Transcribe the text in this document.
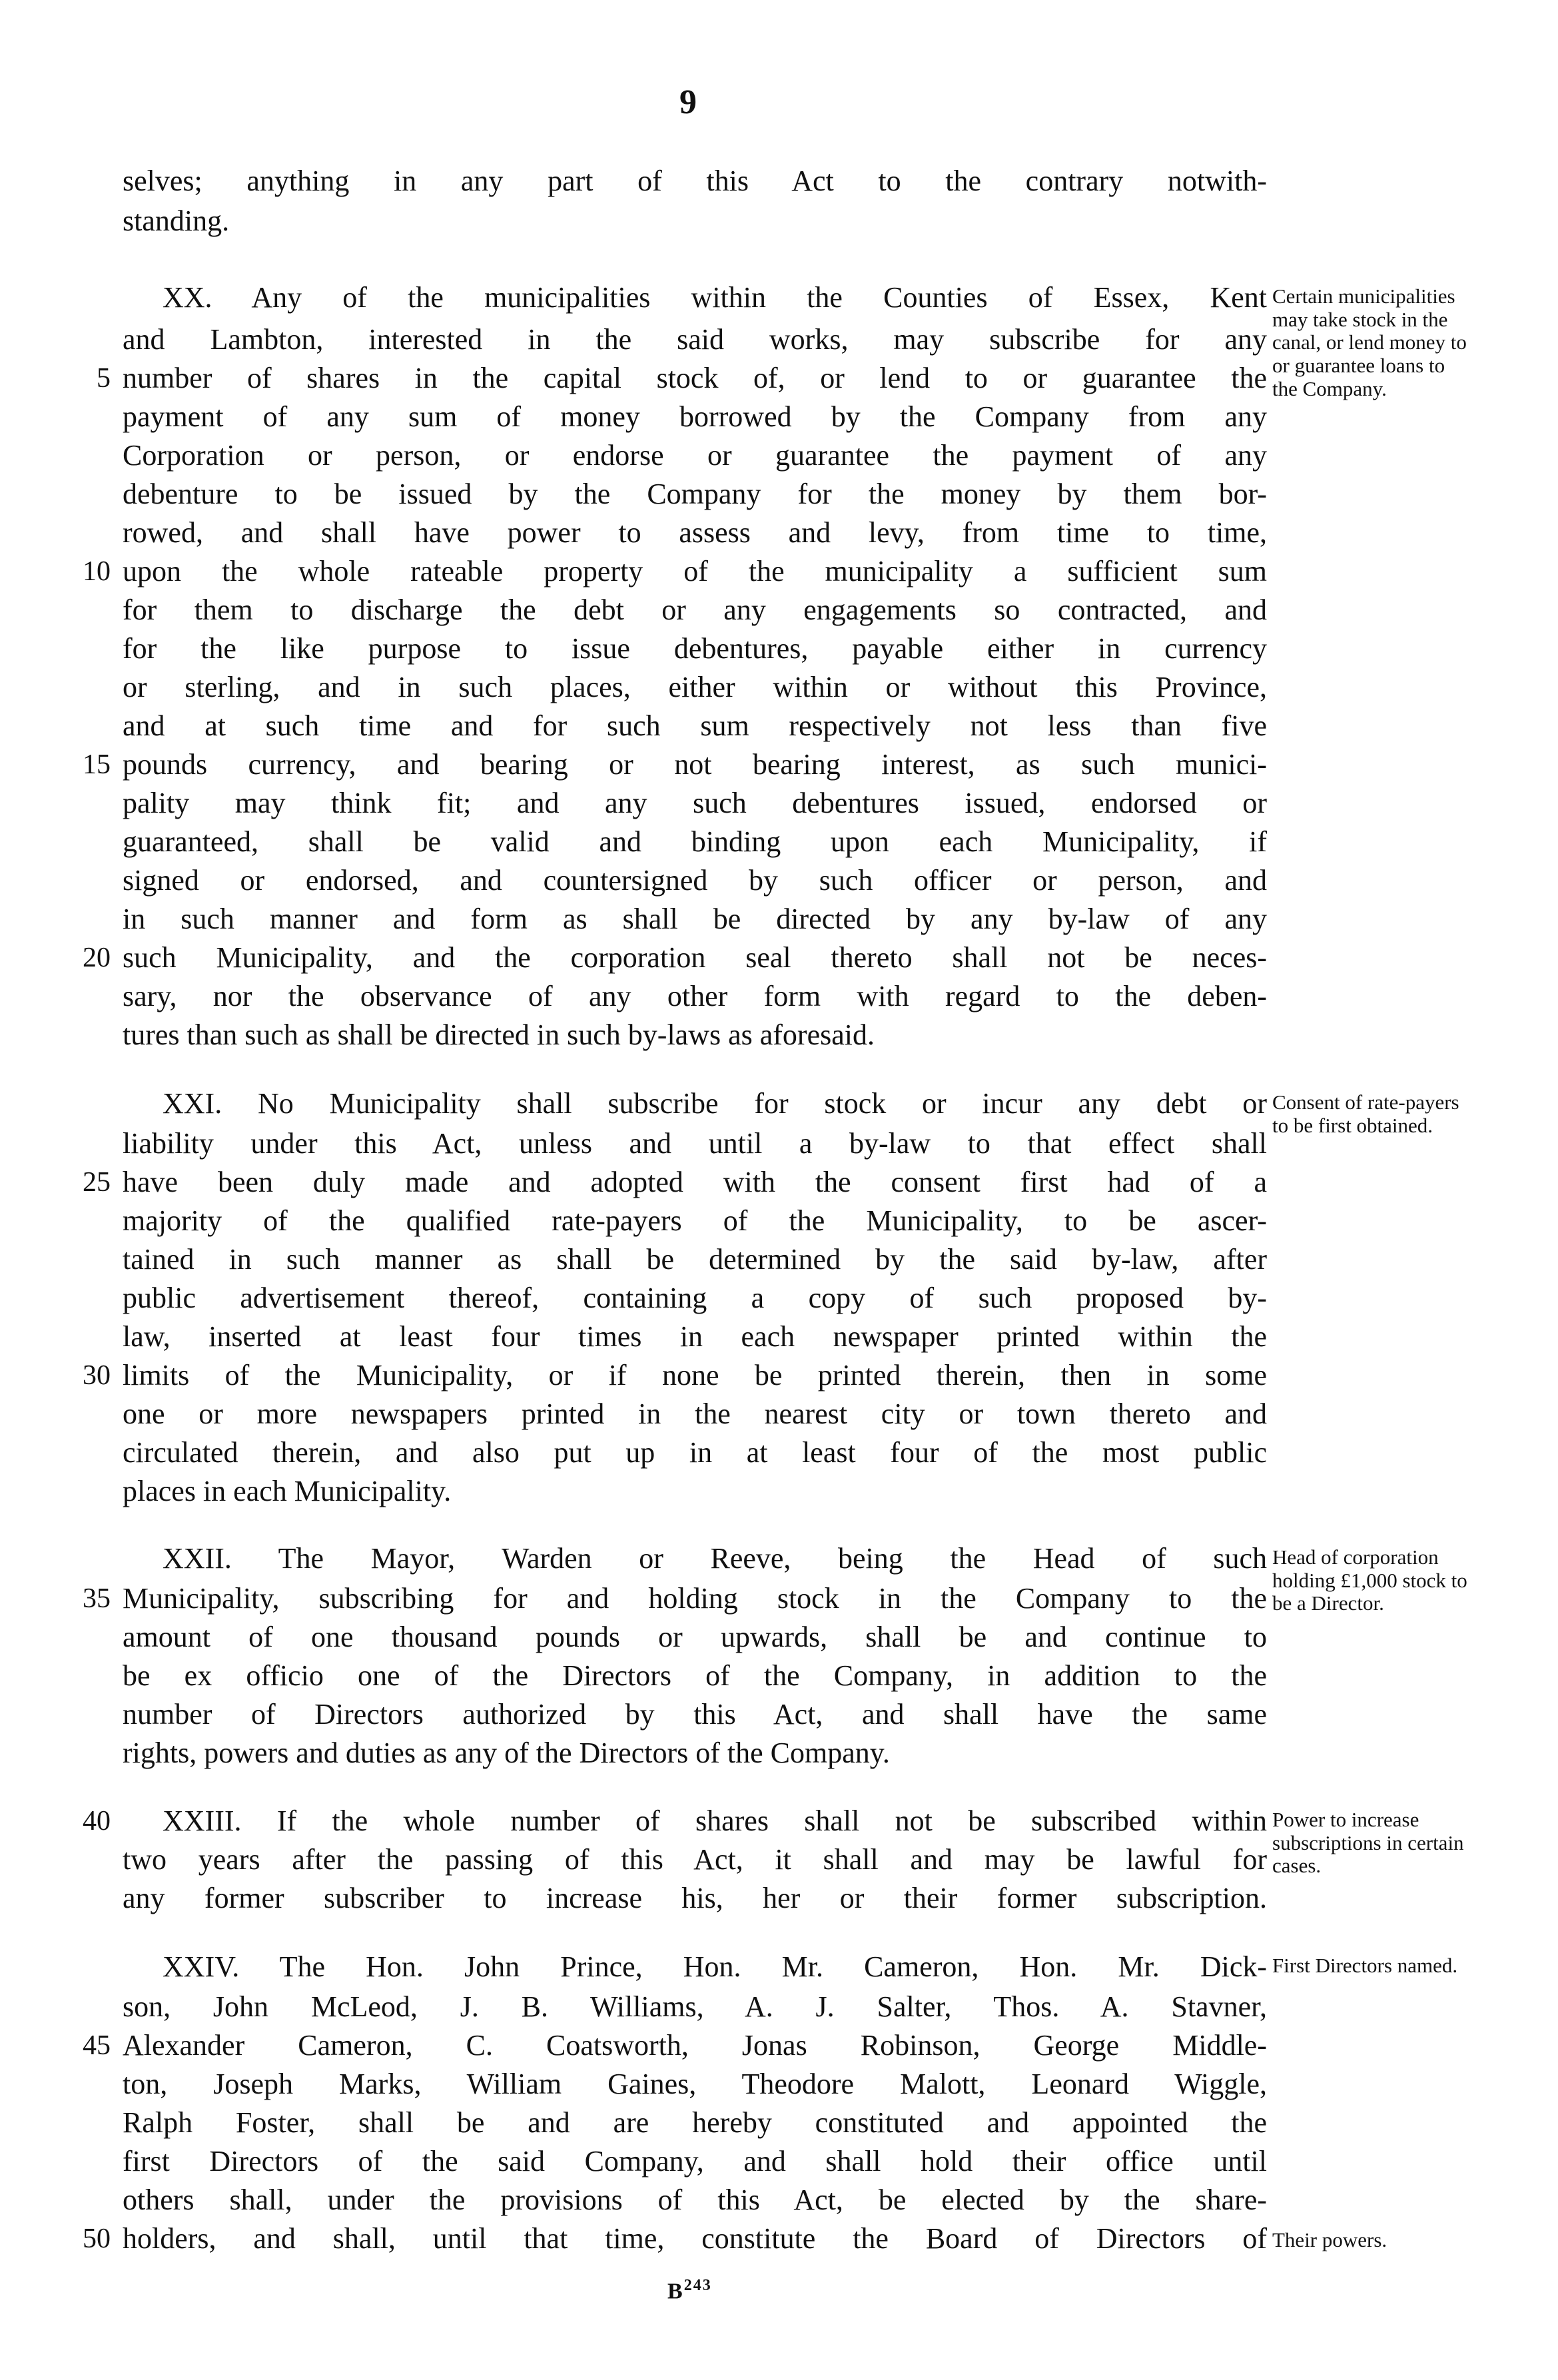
9
selves; anything in any part of this Act to the contrary notwith-
standing.
XX. Any of the municipalities within the Counties of Essex, Kent
and Lambton, interested in the said works, may subscribe for any
number of shares in the capital stock of, or lend to or guarantee the
payment of any sum of money borrowed by the Company from any
Corporation or person, or endorse or guarantee the payment of any
debenture to be issued by the Company for the money by them bor-
rowed, and shall have power to assess and levy, from time to time,
upon the whole rateable property of the municipality a sufficient sum
for them to discharge the debt or any engagements so contracted, and
for the like purpose to issue debentures, payable either in currency
or sterling, and in such places, either within or without this Province,
and at such time and for such sum respectively not less than five
pounds currency, and bearing or not bearing interest, as such munici-
pality may think fit; and any such debentures issued, endorsed or
guaranteed, shall be valid and binding upon each Municipality, if
signed or endorsed, and countersigned by such officer or person, and
in such manner and form as shall be directed by any by-law of any
such Municipality, and the corporation seal thereto shall not be neces-
sary, nor the observance of any other form with regard to the deben-
tures than such as shall be directed in such by-laws as aforesaid.
Certain municipalities may take stock in the canal, or lend money to or guarantee loans to the Company.
XXI. No Municipality shall subscribe for stock or incur any debt or
liability under this Act, unless and until a by-law to that effect shall
have been duly made and adopted with the consent first had of a
majority of the qualified rate-payers of the Municipality, to be ascer-
tained in such manner as shall be determined by the said by-law, after
public advertisement thereof, containing a copy of such proposed by-
law, inserted at least four times in each newspaper printed within the
limits of the Municipality, or if none be printed therein, then in some
one or more newspapers printed in the nearest city or town thereto and
circulated therein, and also put up in at least four of the most public
places in each Municipality.
Consent of rate-payers to be first obtained.
XXII. The Mayor, Warden or Reeve, being the Head of such
Municipality, subscribing for and holding stock in the Company to the
amount of one thousand pounds or upwards, shall be and continue to
be ex officio one of the Directors of the Company, in addition to the
number of Directors authorized by this Act, and shall have the same
rights, powers and duties as any of the Directors of the Company.
Head of corporation holding £1,000 stock to be a Director.
XXIII. If the whole number of shares shall not be subscribed within
two years after the passing of this Act, it shall and may be lawful for
any former subscriber to increase his, her or their former subscription.
Power to increase subscriptions in certain cases.
XXIV. The Hon. John Prince, Hon. Mr. Cameron, Hon. Mr. Dick-
son, John McLeod, J. B. Williams, A. J. Salter, Thos. A. Stavner,
Alexander Cameron, C. Coatsworth, Jonas Robinson, George Middle-
ton, Joseph Marks, William Gaines, Theodore Malott, Leonard Wiggle,
Ralph Foster, shall be and are hereby constituted and appointed the
first Directors of the said Company, and shall hold their office until
others shall, under the provisions of this Act, be elected by the share-
holders, and shall, until that time, constitute the Board of Directors of
First Directors named.
Their powers.
5
10
15
20
25
30
35
40
45
50
$B^{243}$
